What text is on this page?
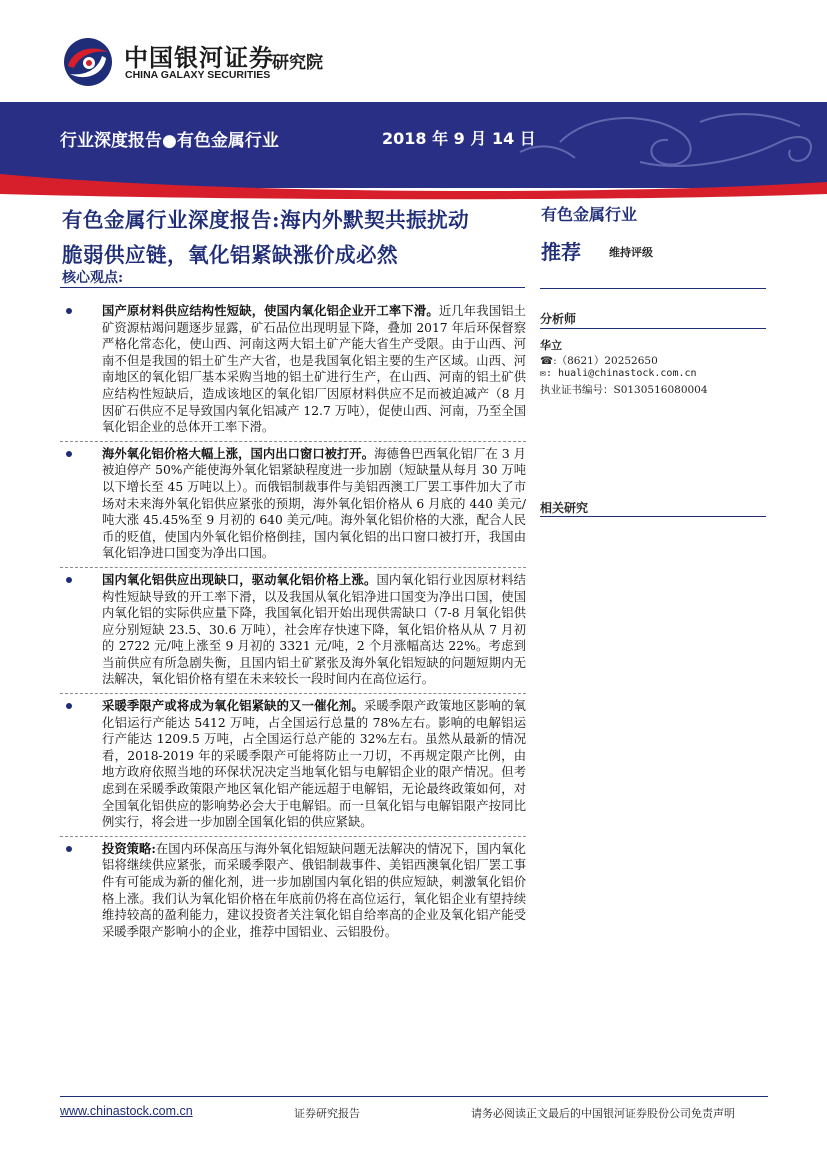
中国银河证券
CHINA GALAXY SECURITIES
研究院
行业深度报告●有色金属行业	2018 年 9 月 14 日
有色金属行业深度报告:海内外默契共振扰动
脆弱供应链，氧化铝紧缺涨价成必然
核心观点:
国产原材料供应结构性短缺，使国内氧化铝企业开工率下滑。近几年我国铝土矿资源枯竭问题逐步显露，矿石品位出现明显下降，叠加 2017 年后环保督察严格化常态化，使山西、河南这两大铝土矿产能大省生产受限。由于山西、河南不但是我国的铝土矿生产大省，也是我国氧化铝主要的生产区域。山西、河南地区的氧化铝厂基本采购当地的铝土矿进行生产，在山西、河南的铝土矿供应结构性短缺后，造成该地区的氧化铝厂因原材料供应不足而被迫减产（8 月因矿石供应不足导致国内氧化铝减产 12.7 万吨），促使山西、河南，乃至全国氧化铝企业的总体开工率下滑。
海外氧化铝价格大幅上涨，国内出口窗口被打开。海德鲁巴西氧化铝厂在 3 月被迫停产 50%产能使海外氧化铝紧缺程度进一步加剧（短缺量从每月 30 万吨以下增长至 45 万吨以上）。而俄铝制裁事件与美铝西澳工厂罢工事件加大了市场对未来海外氧化铝供应紧张的预期，海外氧化铝价格从 6 月底的 440 美元/吨大涨 45.45%至 9 月初的 640 美元/吨。海外氧化铝价格的大涨，配合人民币的贬值，使国内外氧化铝价格倒挂，国内氧化铝的出口窗口被打开，我国由氧化铝净进口国变为净出口国。
国内氧化铝供应出现缺口，驱动氧化铝价格上涨。国内氧化铝行业因原材料结构性短缺导致的开工率下滑，以及我国从氧化铝净进口国变为净出口国，使国内氧化铝的实际供应量下降，我国氧化铝开始出现供需缺口（7-8 月氧化铝供应分别短缺 23.5、30.6 万吨），社会库存快速下降，氧化铝价格从从 7 月初的 2722 元/吨上涨至 9 月初的 3321 元/吨，2 个月涨幅高达 22%。考虑到当前供应有所急剧失衡，且国内铝土矿紧张及海外氧化铝短缺的问题短期内无法解决，氧化铝价格有望在未来较长一段时间内在高位运行。
采暖季限产或将成为氧化铝紧缺的又一催化剂。采暖季限产政策地区影响的氧化铝运行产能达 5412 万吨，占全国运行总量的 78%左右。影响的电解铝运行产能达 1209.5 万吨，占全国运行总产能的 32%左右。虽然从最新的情况看，2018-2019 年的采暖季限产可能将防止一刀切，不再规定限产比例，由地方政府依照当地的环保状况决定当地氧化铝与电解铝企业的限产情况。但考虑到在采暖季政策限产地区氧化铝产能远超于电解铝，无论最终政策如何，对全国氧化铝供应的影响势必会大于电解铝。而一旦氧化铝与电解铝限产按同比例实行，将会进一步加剧全国氧化铝的供应紧缺。
投资策略:在国内环保高压与海外氧化铝短缺问题无法解决的情况下，国内氧化铝将继续供应紧张，而采暖季限产、俄铝制裁事件、美铝西澳氧化铝厂罢工事件有可能成为新的催化剂，进一步加剧国内氧化铝的供应短缺，刺激氧化铝价格上涨。我们认为氧化铝价格在年底前仍将在高位运行，氧化铝企业有望持续维持较高的盈利能力，建议投资者关注氧化铝自给率高的企业及氧化铝产能受采暖季限产影响小的企业，推荐中国铝业、云铝股份。
有色金属行业
推荐	维持评级
分析师
华立
☎:（8621）20252650
✉: huali@chinastock.com.cn
执业证书编号：S0130516080004
相关研究
www.chinastock.com.cn	证券研究报告	请务必阅读正文最后的中国银河证券股份公司免责声明
